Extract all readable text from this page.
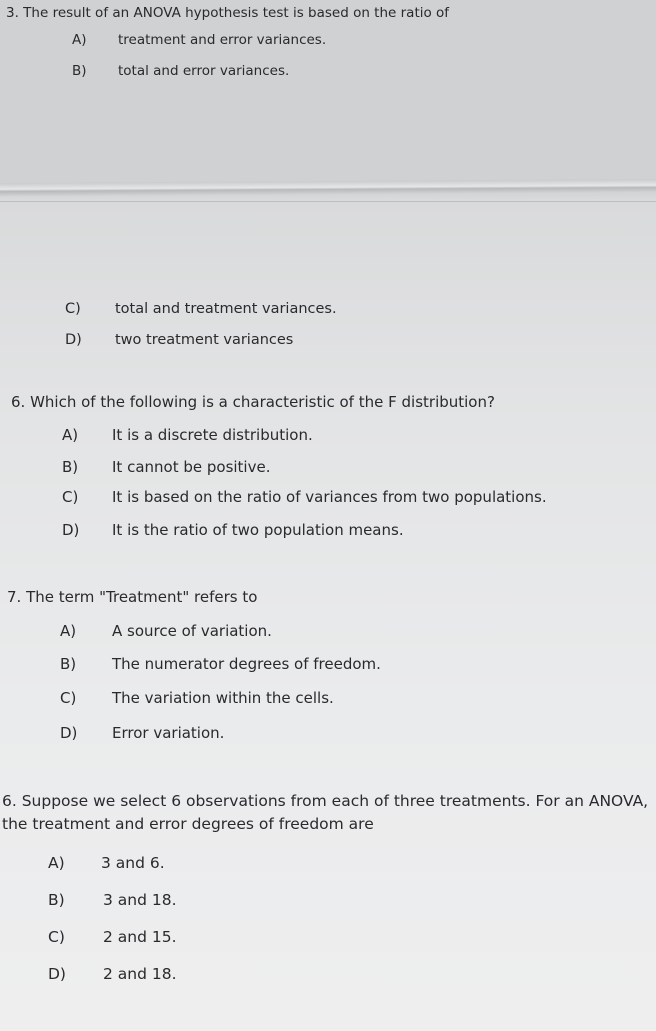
3. The result of an ANOVA hypothesis test is based on the ratio of
A) treatment and error variances.
B) total and error variances.
C) total and treatment variances.
D) two treatment variances
6. Which of the following is a characteristic of the F distribution?
A) It is a discrete distribution.
B) It cannot be positive.
C) It is based on the ratio of variances from two populations.
D) It is the ratio of two population means.
7. The term "Treatment" refers to
A) A source of variation.
B) The numerator degrees of freedom.
C) The variation within the cells.
D) Error variation.
6. Suppose we select 6 observations from each of three treatments. For an ANOVA,
the treatment and error degrees of freedom are
A) 3 and 6.
B) 3 and 18.
C) 2 and 15.
D) 2 and 18.
